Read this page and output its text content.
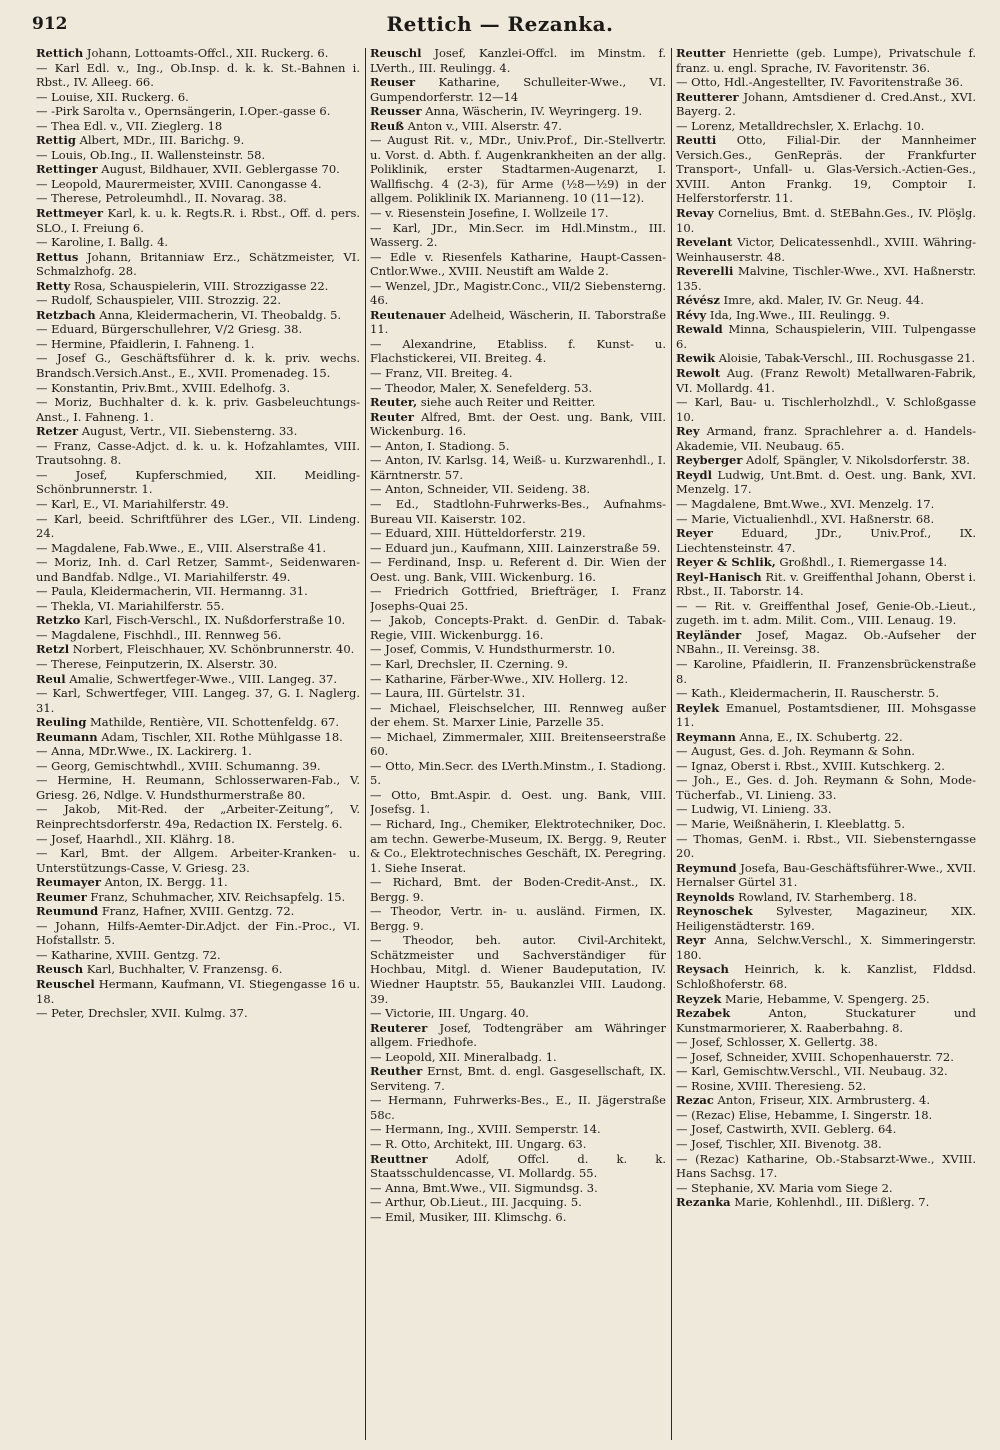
912	Rettich — Rezanka.

Rettich Johann, Lottoamts-Offcl., XII. Ruckerg. 6.

— Karl Edl. v., Ing., Ob.Insp. d. k. k. St.-Bahnen i. Rbst., IV. Alleeg. 66.

— Louise, XII. Ruckerg. 6.

— -Pirk Sarolta v., Opernsängerin, I.Oper.-gasse 6.

— Thea Edl. v., VII. Zieglerg. 18

Rettig Albert, MDr., III. Barichg. 9.

— Louis, Ob.Ing., II. Wallensteinstr. 58.

Rettinger August, Bildhauer, XVII. Geblergasse 70.

— Leopold, Maurermeister, XVIII. Canongasse 4.

— Therese, Petroleumhdl., II. Novarag. 38.

Rettmeyer Karl, k. u. k. Regts.R. i. Rbst., Off. d. pers. SLO., I. Freiung 6.

— Karoline, I. Ballg. 4.

Rettus Johann, Britanniaw Erz., Schätzmeister, VI. Schmalzhofg. 28.

Retty Rosa, Schauspielerin, VIII. Strozzigasse 22.

— Rudolf, Schauspieler, VIII. Strozzig. 22.

Retzbach Anna, Kleidermacherin, VI. Theobaldg. 5.

— Eduard, Bürgerschullehrer, V/2 Griesg. 38.

— Hermine, Pfaidlerin, I. Fahneng. 1.

— Josef G., Geschäftsführer d. k. k. priv. wechs. Brandsch.Versich.Anst., E., XVII. Promenadeg. 15.

— Konstantin, Priv.Bmt., XVIII. Edelhofg. 3.

— Moriz, Buchhalter d. k. k. priv. Gasbeleuchtungs-Anst., I. Fahneng. 1.

Retzer August, Vertr., VII. Siebensterng. 33.

— Franz, Casse-Adjct. d. k. u. k. Hofzahlamtes, VIII. Trautsohng. 8.

— Josef, Kupferschmied, XII. Meidling-Schönbrunnerstr. 1.

— Karl, E., VI. Mariahilferstr. 49.

— Karl, beeid. Schriftführer des LGer., VII. Lindeng. 24.

— Magdalene, Fab.Wwe., E., VIII. Alserstraße 41.

— Moriz, Inh. d. Carl Retzer, Sammt-, Seidenwaren- und Bandfab. Ndlge., VI. Mariahilferstr. 49.

— Paula, Kleidermacherin, VII. Hermanng. 31.

— Thekla, VI. Mariahilferstr. 55.

Retzko Karl, Fisch-Verschl., IX. Nußdorferstraße 10.

— Magdalene, Fischhdl., III. Rennweg 56.

Retzl Norbert, Fleischhauer, XV. Schönbrunnerstr. 40.

— Therese, Feinputzerin, IX. Alserstr. 30.

Reul Amalie, Schwertfeger-Wwe., VIII. Langeg. 37.

— Karl, Schwertfeger, VIII. Langeg. 37, G. I. Naglerg. 31.

Reuling Mathilde, Rentière, VII. Schottenfeldg. 67.

Reumann Adam, Tischler, XII. Rothe Mühlgasse 18.

— Anna, MDr.Wwe., IX. Lackirerg. 1.

— Georg, Gemischtwhdl., XVIII. Schumanng. 39.

— Hermine, H. Reumann, Schlosserwaren-Fab., V. Griesg. 26, Ndlge. V. Hundsthurmerstraße 80.

— Jakob, Mit-Red. der „Arbeiter-Zeitung“, V. Reinprechtsdorferstr. 49a, Redaction IX. Ferstelg. 6.

— Josef, Haarhdl., XII. Klährg. 18.

— Karl, Bmt. der Allgem. Arbeiter-Kranken- u. Unterstützungs-Casse, V. Griesg. 23.

Reumayer Anton, IX. Bergg. 11.

Reumer Franz, Schuhmacher, XIV. Reichsapfelg. 15.

Reumund Franz, Hafner, XVIII. Gentzg. 72.

— Johann, Hilfs-Aemter-Dir.Adjct. der Fin.-Proc., VI. Hofstallstr. 5.

— Katharine, XVIII. Gentzg. 72.

Reusch Karl, Buchhalter, V. Franzensg. 6.

Reuschel Hermann, Kaufmann, VI. Stiegengasse 16 u. 18.

— Peter, Drechsler, XVII. Kulmg. 37.

Reuschl Josef, Kanzlei-Offcl. im Minstm. f. LVerth., III. Reulingg. 4.

Reuser Katharine, Schulleiter-Wwe., VI. Gumpendorferstr. 12—14

Reusser Anna, Wäscherin, IV. Weyringerg. 19.

Reuß Anton v., VIII. Alserstr. 47.

— August Rit. v., MDr., Univ.Prof., Dir.-Stellvertr. u. Vorst. d. Abth. f. Augenkrankheiten an der allg. Poliklinik, erster Stadtarmen-Augenarzt, I. Wallfischg. 4 (2-3), für Arme (½8—½9) in der allgem. Poliklinik IX. Marianneng. 10 (11—12).

— v. Riesenstein Josefine, I. Wollzeile 17.

— Karl, JDr., Min.Secr. im Hdl.Minstm., III. Wasserg. 2.

— Edle v. Riesenfels Katharine, Haupt-Cassen-Cntlor.Wwe., XVIII. Neustift am Walde 2.

— Wenzel, JDr., Magistr.Conc., VII/2 Siebensterng. 46.

Reutenauer Adelheid, Wäscherin, II. Taborstraße 11.

— Alexandrine, Etabliss. f. Kunst- u. Flachstickerei, VII. Breiteg. 4.

— Franz, VII. Breiteg. 4.

— Theodor, Maler, X. Senefelderg. 53.

Reuter, siehe auch Reiter und Reitter.

Reuter Alfred, Bmt. der Oest. ung. Bank, VIII. Wickenburg. 16.

— Anton, I. Stadiong. 5.

— Anton, IV. Karlsg. 14, Weiß- u. Kurzwarenhdl., I. Kärntnerstr. 57.

— Anton, Schneider, VII. Seideng. 38.

— Ed., Stadtlohn-Fuhrwerks-Bes., Aufnahms-Bureau VII. Kaiserstr. 102.

— Eduard, XIII. Hütteldorferstr. 219.

— Eduard jun., Kaufmann, XIII. Lainzerstraße 59.

— Ferdinand, Insp. u. Referent d. Dir. Wien der Oest. ung. Bank, VIII. Wickenburg. 16.

— Friedrich Gottfried, Briefträger, I. Franz Josephs-Quai 25.

— Jakob, Concepts-Prakt. d. GenDir. d. Tabak-Regie, VIII. Wickenburgg. 16.

— Josef, Commis, V. Hundsthurmerstr. 10.

— Karl, Drechsler, II. Czerning. 9.

— Katharine, Färber-Wwe., XIV. Hollerg. 12.

— Laura, III. Gürtelstr. 31.

— Michael, Fleischselcher, III. Rennweg außer der ehem. St. Marxer Linie, Parzelle 35.

— Michael, Zimmermaler, XIII. Breitenseerstraße 60.

— Otto, Min.Secr. des LVerth.Minstm., I. Stadiong. 5.

— Otto, Bmt.Aspir. d. Oest. ung. Bank, VIII. Josefsg. 1.

— Richard, Ing., Chemiker, Elektrotechniker, Doc. am techn. Gewerbe-Museum, IX. Bergg. 9, Reuter & Co., Elektrotechnisches Geschäft, IX. Peregring. 1. Siehe Inserat.

— Richard, Bmt. der Boden-Credit-Anst., IX. Bergg. 9.

— Theodor, Vertr. in- u. ausländ. Firmen, IX. Bergg. 9.

— Theodor, beh. autor. Civil-Architekt, Schätzmeister und Sachverständiger für Hochbau, Mitgl. d. Wiener Baudeputation, IV. Wiedner Hauptstr. 55, Baukanzlei VIII. Laudong. 39.

— Victorie, III. Ungarg. 40.

Reuterer Josef, Todtengräber am Währinger allgem. Friedhofe.

— Leopold, XII. Mineralbadg. 1.

Reuther Ernst, Bmt. d. engl. Gasgesellschaft, IX. Serviteng. 7.

— Hermann, Fuhrwerks-Bes., E., II. Jägerstraße 58c.

— Hermann, Ing., XVIII. Semperstr. 14.

— R. Otto, Architekt, III. Ungarg. 63.

Reuttner Adolf, Offcl. d. k. k. Staatsschuldencasse, VI. Mollardg. 55.

— Anna, Bmt.Wwe., VII. Sigmundsg. 3.

— Arthur, Ob.Lieut., III. Jacquing. 5.

— Emil, Musiker, III. Klimschg. 6.

Reutter Henriette (geb. Lumpe), Privatschule f. franz. u. engl. Sprache, IV. Favoritenstr. 36.

— Otto, Hdl.-Angestellter, IV. Favoritenstraße 36.

Reutterer Johann, Amtsdiener d. Cred.Anst., XVI. Bayerg. 2.

— Lorenz, Metalldrechsler, X. Erlachg. 10.

Reutti Otto, Filial-Dir. der Mannheimer Versich.Ges., GenRepräs. der Frankfurter Transport-, Unfall- u. Glas-Versich.-Actien-Ges., XVIII. Anton Frankg. 19, Comptoir I. Helferstorferstr. 11.

Revay Cornelius, Bmt. d. StEBahn.Ges., IV. Plöşlg. 10.

Revelant Victor, Delicatessenhdl., XVIII. Währing-Weinhauserstr. 48.

Reverelli Malvine, Tischler-Wwe., XVI. Haßnerstr. 135.

Révész Imre, akd. Maler, IV. Gr. Neug. 44.

Révy Ida, Ing.Wwe., III. Reulingg. 9.

Rewald Minna, Schauspielerin, VIII. Tulpengasse 6.

Rewik Aloisie, Tabak-Verschl., III. Rochusgasse 21.

Rewolt Aug. (Franz Rewolt) Metallwaren-Fabrik, VI. Mollardg. 41.

— Karl, Bau- u. Tischlerholzhdl., V. Schloßgasse 10.

Rey Armand, franz. Sprachlehrer a. d. Handels-Akademie, VII. Neubaug. 65.

Reyberger Adolf, Spängler, V. Nikolsdorferstr. 38.

Reydl Ludwig, Unt.Bmt. d. Oest. ung. Bank, XVI. Menzelg. 17.

— Magdalene, Bmt.Wwe., XVI. Menzelg. 17.

— Marie, Victualienhdl., XVI. Haßnerstr. 68.

Reyer Eduard, JDr., Univ.Prof., IX. Liechtensteinstr. 47.

Reyer & Schlik, Großhdl., I. Riemergasse 14.

Reyl-Hanisch Rit. v. Greiffenthal Johann, Oberst i. Rbst., II. Taborstr. 14.

— — Rit. v. Greiffenthal Josef, Genie-Ob.-Lieut., zugeth. im t. adm. Milit. Com., VIII. Lenaug. 19.

Reyländer Josef, Magaz. Ob.-Aufseher der NBahn., II. Vereinsg. 38.

— Karoline, Pfaidlerin, II. Franzensbrückenstraße 8.

— Kath., Kleidermacherin, II. Rauscherstr. 5.

Reylek Emanuel, Postamtsdiener, III. Mohsgasse 11.

Reymann Anna, E., IX. Schubertg. 22.

— August, Ges. d. Joh. Reymann & Sohn.

— Ignaz, Oberst i. Rbst., XVIII. Kutschkerg. 2.

— Joh., E., Ges. d. Joh. Reymann & Sohn, Mode-Tücherfab., VI. Linieng. 33.

— Ludwig, VI. Linieng. 33.

— Marie, Weißnäherin, I. Kleeblattg. 5.

— Thomas, GenM. i. Rbst., VII. Siebensterngasse 20.

Reymund Josefa, Bau-Geschäftsführer-Wwe., XVII. Hernalser Gürtel 31.

Reynolds Rowland, IV. Starhemberg. 18.

Reynoschek Sylvester, Magazineur, XIX. Heiligenstädterstr. 169.

Reyr Anna, Selchw.Verschl., X. Simmeringerstr. 180.

Reysach Heinrich, k. k. Kanzlist, Flddsd. Schloßhoferstr. 68.

Reyzek Marie, Hebamme, V. Spengerg. 25.

Rezabek Anton, Stuckaturer und Kunstmarmorierer, X. Raaberbahng. 8.

— Josef, Schlosser, X. Gellertg. 38.

— Josef, Schneider, XVIII. Schopenhauerstr. 72.

— Karl, Gemischtw.Verschl., VII. Neubaug. 32.

— Rosine, XVIII. Theresieng. 52.

Rezac Anton, Friseur, XIX. Armbrusterg. 4.

— (Rezac) Elise, Hebamme, I. Singerstr. 18.

— Josef, Castwirth, XVII. Geblerg. 64.

— Josef, Tischler, XII. Bivenotg. 38.

— (Rezac) Katharine, Ob.-Stabsarzt-Wwe., XVIII. Hans Sachsg. 17.

— Stephanie, XV. Maria vom Siege 2.

Rezanka Marie, Kohlenhdl., III. Dißlerg. 7.
